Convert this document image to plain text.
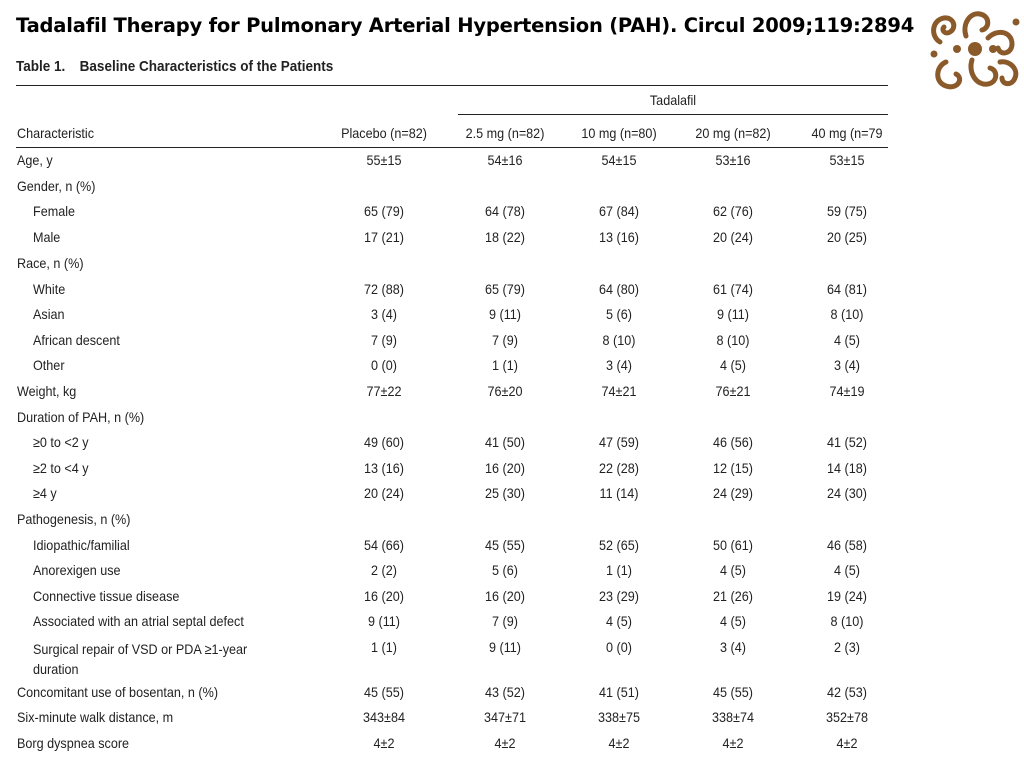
Tadalafil Therapy for Pulmonary Arterial Hypertension (PAH). Circul 2009;119:2894
Table 1. Baseline Characteristics of the Patients
Tadalafil
Characteristic	Placebo (n=82)	2.5 mg (n=82)	10 mg (n=80)	20 mg (n=82)	40 mg (n=79
Age, y	55±15	54±16	54±15	53±16	53±15
Gender, n (%)
Female	65 (79)	64 (78)	67 (84)	62 (76)	59 (75)
Male	17 (21)	18 (22)	13 (16)	20 (24)	20 (25)
Race, n (%)
White	72 (88)	65 (79)	64 (80)	61 (74)	64 (81)
Asian	3 (4)	9 (11)	5 (6)	9 (11)	8 (10)
African descent	7 (9)	7 (9)	8 (10)	8 (10)	4 (5)
Other	0 (0)	1 (1)	3 (4)	4 (5)	3 (4)
Weight, kg	77±22	76±20	74±21	76±21	74±19
Duration of PAH, n (%)
≥0 to <2 y	49 (60)	41 (50)	47 (59)	46 (56)	41 (52)
≥2 to <4 y	13 (16)	16 (20)	22 (28)	12 (15)	14 (18)
≥4 y	20 (24)	25 (30)	11 (14)	24 (29)	24 (30)
Pathogenesis, n (%)
Idiopathic/familial	54 (66)	45 (55)	52 (65)	50 (61)	46 (58)
Anorexigen use	2 (2)	5 (6)	1 (1)	4 (5)	4 (5)
Connective tissue disease	16 (20)	16 (20)	23 (29)	21 (26)	19 (24)
Associated with an atrial septal defect	9 (11)	7 (9)	4 (5)	4 (5)	8 (10)
Surgical repair of VSD or PDA ≥1-year
duration
1 (1)	9 (11)	0 (0)	3 (4)	2 (3)
Concomitant use of bosentan, n (%)	45 (55)	43 (52)	41 (51)	45 (55)	42 (53)
Six-minute walk distance, m	343±84	347±71	338±75	338±74	352±78
Borg dyspnea score	4±2	4±2	4±2	4±2	4±2
